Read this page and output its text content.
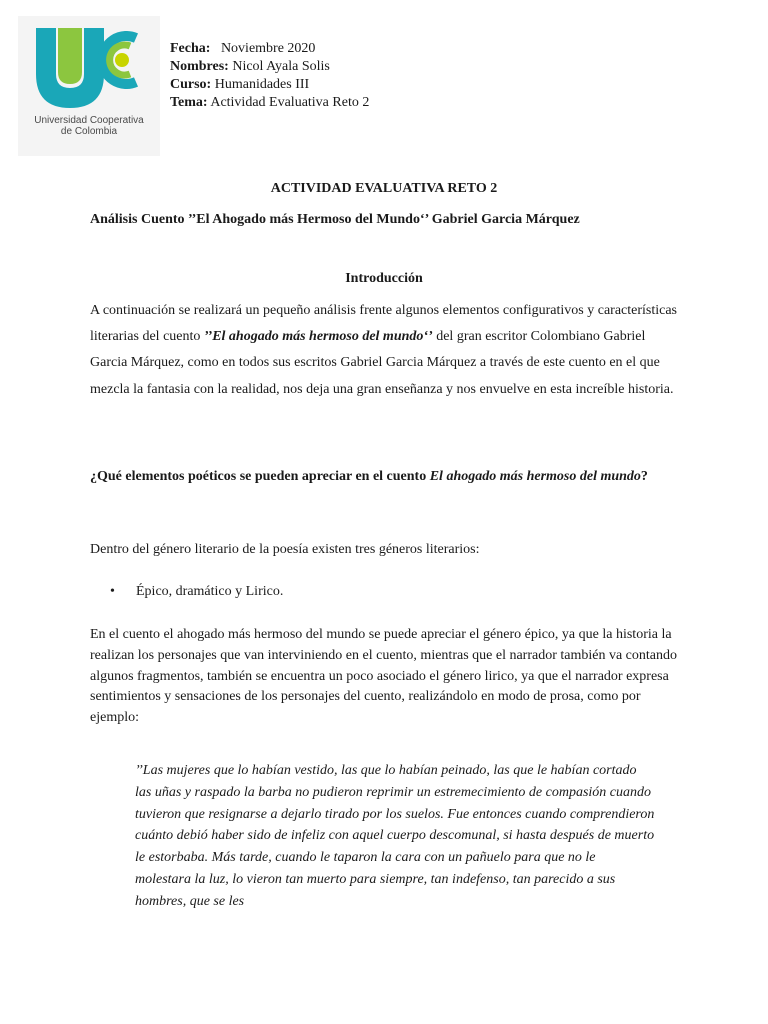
Universidad Cooperativa
de Colombia
Fecha: Noviembre 2020
Nombres: Nicol Ayala Solis
Curso: Humanidades III
Tema: Actividad Evaluativa Reto 2
ACTIVIDAD EVALUATIVA RETO 2
Análisis Cuento ’’El Ahogado más Hermoso del Mundo‘’ Gabriel Garcia Márquez
Introducción
A continuación se realizará un pequeño análisis frente algunos elementos configurativos y características literarias del cuento ’’El ahogado más hermoso del mundo‘’ del gran escritor Colombiano Gabriel Garcia Márquez, como en todos sus escritos Gabriel Garcia Márquez a través de este cuento en el que mezcla la fantasia con la realidad, nos deja una gran enseñanza y nos envuelve en esta increíble historia.
¿Qué elementos poéticos se pueden apreciar en el cuento El ahogado más hermoso del mundo?
Dentro del género literario de la poesía existen tres géneros literarios:
• Épico, dramático y Lirico.
En el cuento el ahogado más hermoso del mundo se puede apreciar el género épico, ya que la historia la realizan los personajes que van interviniendo en el cuento, mientras que el narrador también va contando algunos fragmentos, también se encuentra un poco asociado el género lirico, ya que el narrador expresa sentimientos y sensaciones de los personajes del cuento, realizándolo en modo de prosa, como por ejemplo:
’’Las mujeres que lo habían vestido, las que lo habían peinado, las que le habían cortado las uñas y raspado la barba no pudieron reprimir un estremecimiento de compasión cuando tuvieron que resignarse a dejarlo tirado por los suelos. Fue entonces cuando comprendieron cuánto debió haber sido de infeliz con aquel cuerpo descomunal, si hasta después de muerto le estorbaba. Más tarde, cuando le taparon la cara con un pañuelo para que no le molestara la luz, lo vieron tan muerto para siempre, tan indefenso, tan parecido a sus hombres, que se les
